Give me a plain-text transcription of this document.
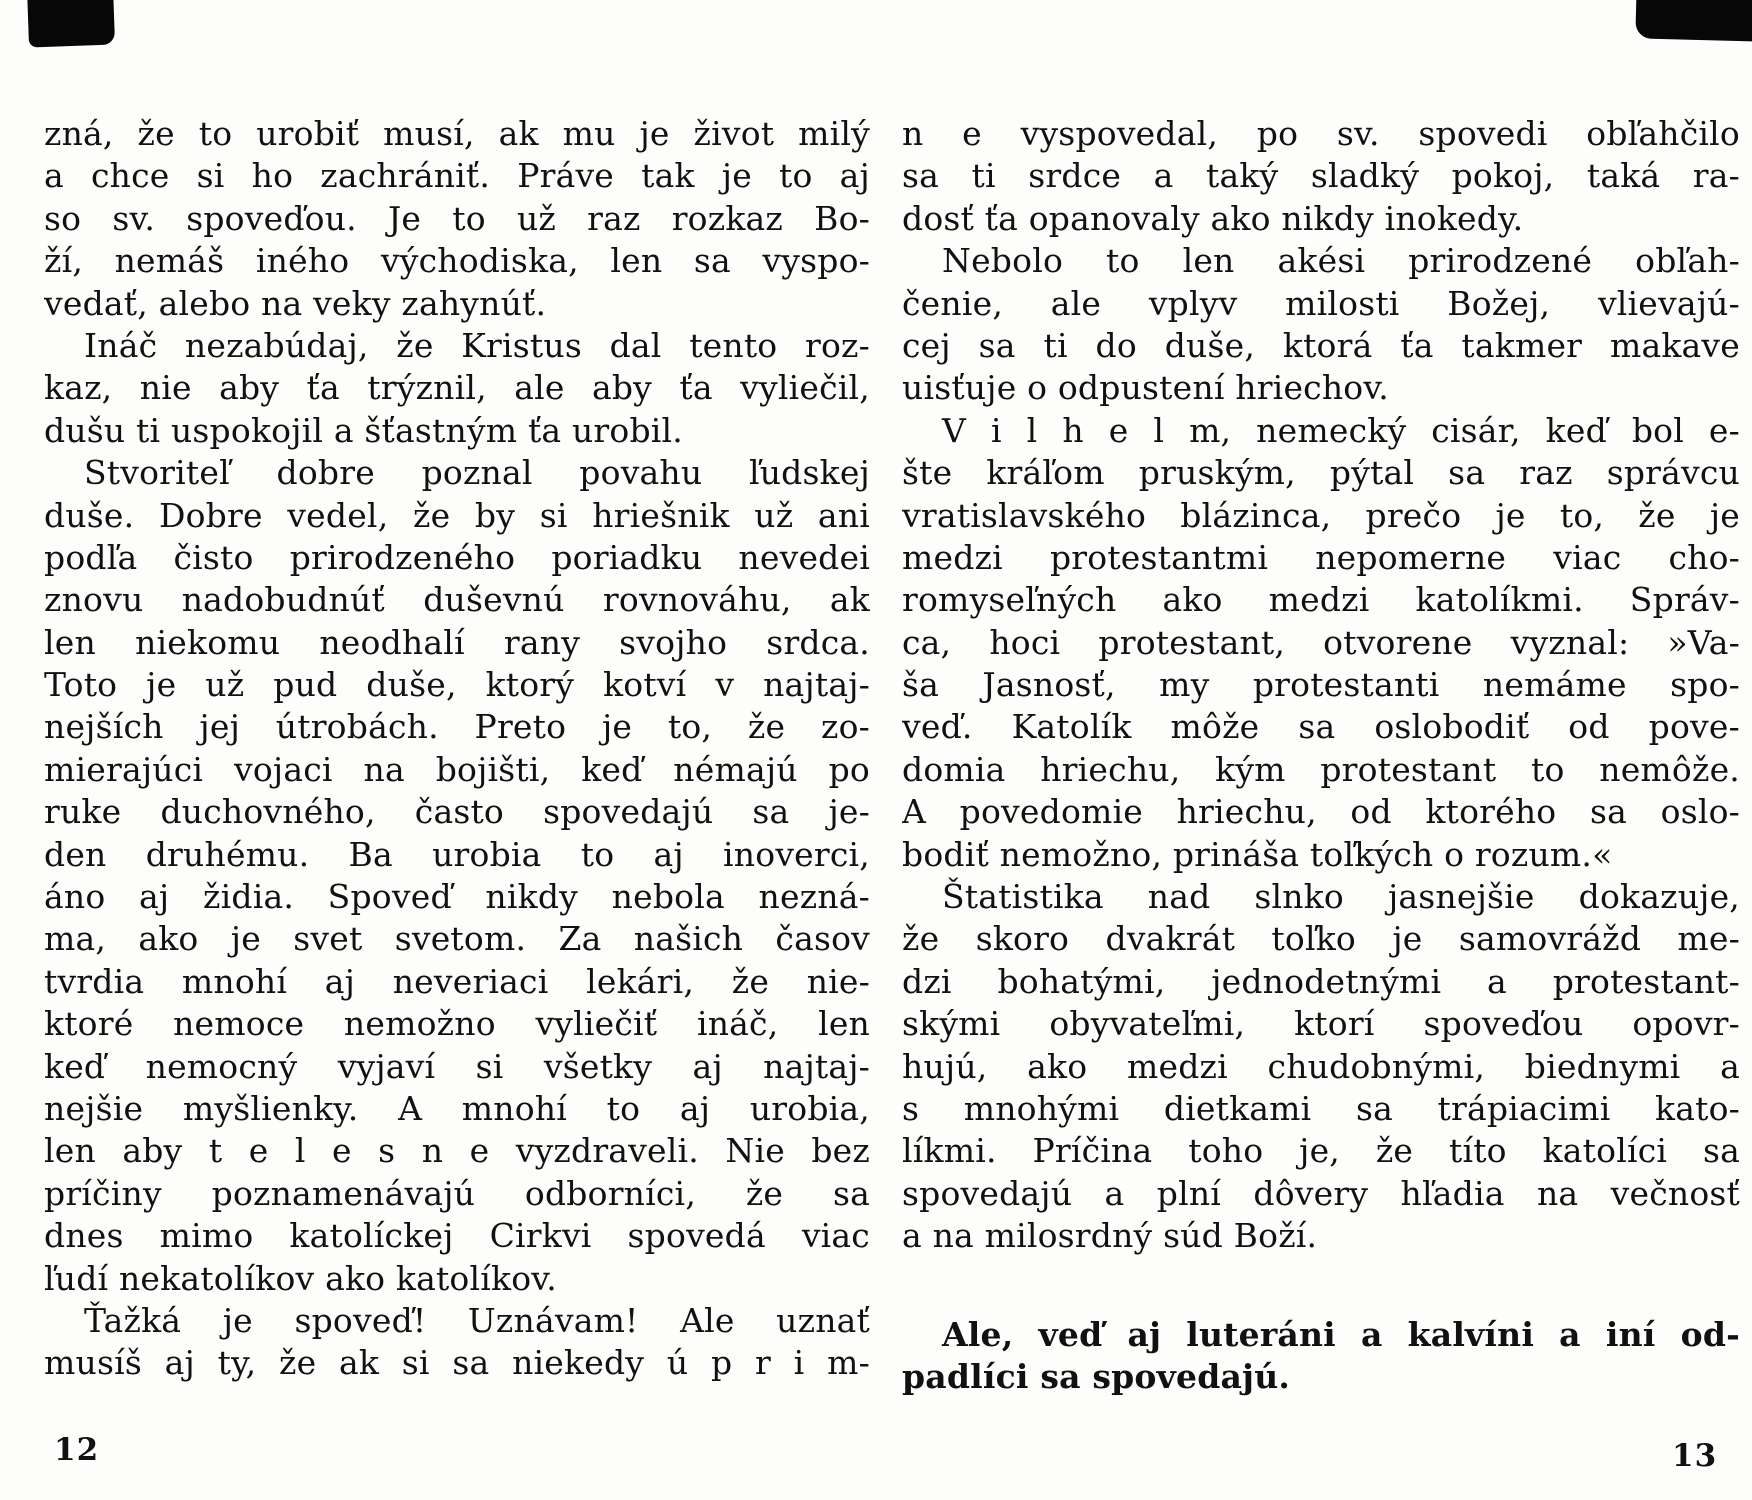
zná, že to urobiť musí, ak mu je život milý
a chce si ho zachrániť. Práve tak je to aj
so sv. spoveďou. Je to už raz rozkaz Bo-
ží, nemáš iného východiska, len sa vyspo-
vedať, alebo na veky zahynúť.
Ináč nezabúdaj, že Kristus dal tento roz-
kaz, nie aby ťa trýznil, ale aby ťa vyliečil,
dušu ti uspokojil a šťastným ťa urobil.
Stvoriteľ dobre poznal povahu ľudskej
duše. Dobre vedel, že by si hriešnik už ani
podľa čisto prirodzeného poriadku nevedei
znovu nadobudnúť duševnú rovnováhu, ak
len niekomu neodhalí rany svojho srdca.
Toto je už pud duše, ktorý kotví v najtaj-
nejších jej útrobách. Preto je to, že zo-
mierajúci vojaci na bojišti, keď némajú po
ruke duchovného, často spovedajú sa je-
den druhému. Ba urobia to aj inoverci,
áno aj židia. Spoveď nikdy nebola nezná-
ma, ako je svet svetom. Za našich časov
tvrdia mnohí aj neveriaci lekári, že nie-
ktoré nemoce nemožno vyliečiť ináč, len
keď nemocný vyjaví si všetky aj najtaj-
nejšie myšlienky. A mnohí to aj urobia,
len aby t e l e s n e vyzdraveli. Nie bez
príčiny poznamenávajú odborníci, že sa
dnes mimo katolíckej Cirkvi spovedá viac
ľudí nekatolíkov ako katolíkov.
Ťažká je spoveď! Uznávam! Ale uznať
musíš aj ty, že ak si sa niekedy ú p r i m-
n e vyspovedal, po sv. spovedi obľahčilo
sa ti srdce a taký sladký pokoj, taká ra-
dosť ťa opanovaly ako nikdy inokedy.
Nebolo to len akési prirodzené obľah-
čenie, ale vplyv milosti Božej, vlievajú-
cej sa ti do duše, ktorá ťa takmer makave
uisťuje o odpustení hriechov.
V i l h e l m, nemecký cisár, keď bol e-
šte kráľom pruským, pýtal sa raz správcu
vratislavského blázinca, prečo je to, že je
medzi protestantmi nepomerne viac cho-
romyseľných ako medzi katolíkmi. Správ-
ca, hoci protestant, otvorene vyznal: »Va-
ša Jasnosť, my protestanti nemáme spo-
veď. Katolík môže sa oslobodiť od pove-
domia hriechu, kým protestant to nemôže.
A povedomie hriechu, od ktorého sa oslo-
bodiť nemožno, prináša toľkých o rozum.«
Štatistika nad slnko jasnejšie dokazuje,
že skoro dvakrát toľko je samovrážd me-
dzi bohatými, jednodetnými a protestant-
skými obyvateľmi, ktorí spoveďou opovr-
hujú, ako medzi chudobnými, biednymi a
s mnohými dietkami sa trápiacimi kato-
líkmi. Príčina toho je, že títo katolíci sa
spovedajú a plní dôvery hľadia na večnosť
a na milosrdný súd Boží.
Ale, veď aj luteráni a kalvíni a iní od-
padlíci sa spovedajú.
12	13
